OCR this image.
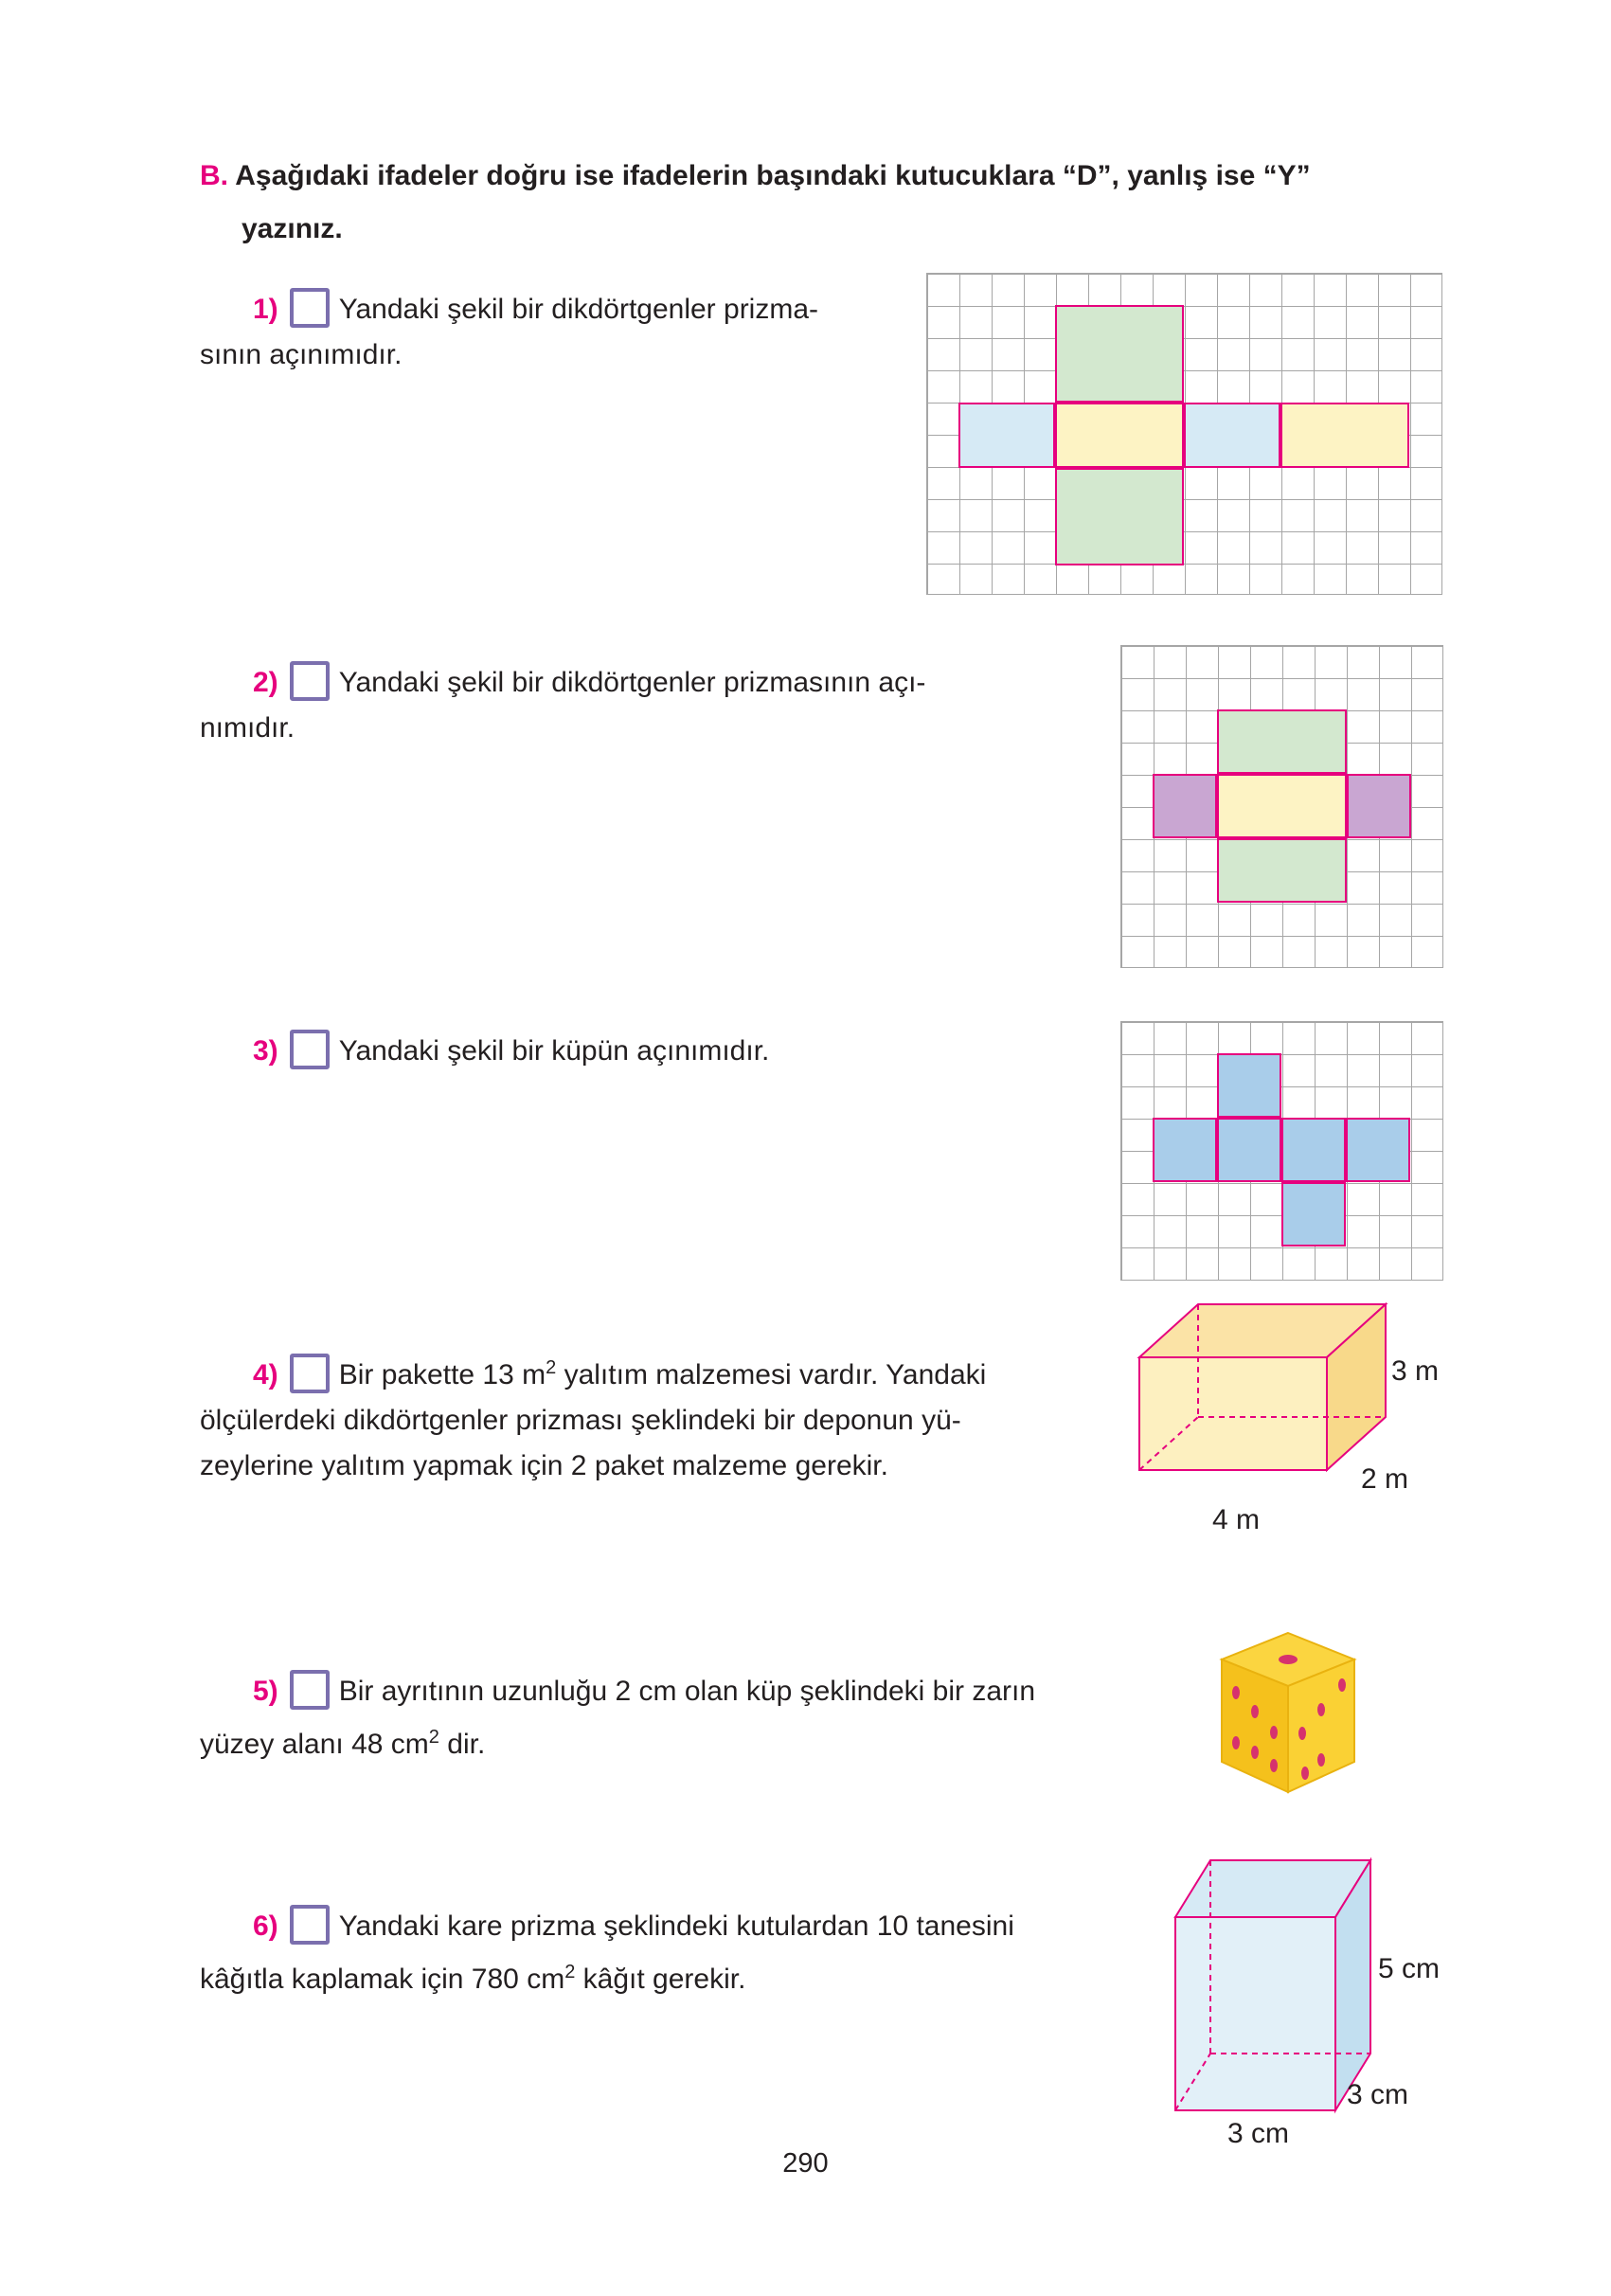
B. Aşağıdaki ifadeler doğru ise ifadelerin başındaki kutucuklara “D”, yanlış ise “Y”
yazınız.
1) Yandaki şekil bir dikdörtgenler prizma-
sının açınımıdır.
2) Yandaki şekil bir dikdörtgenler prizmasının açı-
nımıdır.
3) Yandaki şekil bir küpün açınımıdır.
4) Bir pakette 13 $m^2$ yalıtım malzemesi vardır. Yandaki
ölçülerdeki dikdörtgenler prizması şeklindeki bir deponun yü-
zeylerine yalıtım yapmak için 2 paket malzeme gerekir.
3 m
2 m
4 m
5) Bir ayrıtının uzunluğu 2 cm olan küp şeklindeki bir zarın
yüzey alanı 48 $cm^2$ dir.
6) Yandaki kare prizma şeklindeki kutulardan 10 tanesini
kâğıtla kaplamak için 780 $cm^2$ kâğıt gerekir.	5 cm
3 cm
3 cm
290
